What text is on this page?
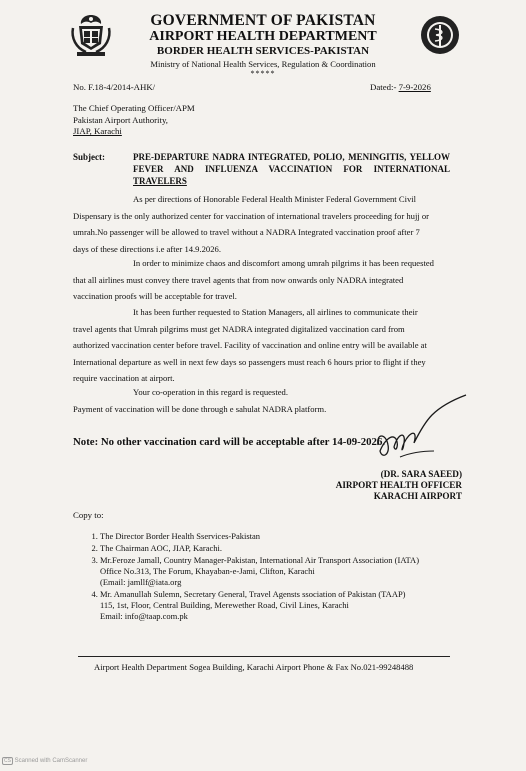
GOVERNMENT OF PAKISTAN
AIRPORT HEALTH DEPARTMENT
BORDER HEALTH SERVICES-PAKISTAN
Ministry of National Health Services, Regulation & Coordination
*****
No. F.18-4/2014-AHK/	Dated:- 7-9-2026
The Chief Operating Officer/APM
Pakistan Airport Authority,
JIAP, Karachi
Subject:	PRE-DEPARTURE NADRA INTEGRATED, POLIO, MENINGITIS, YELLOW
FEVER AND INFLUENZA VACCINATION FOR INTERNATIONAL
TRAVELERS
As per directions of Honorable Federal Health Minister Federal Government Civil
Dispensary is the only authorized center for vaccination of international travelers proceeding for hujj or
umrah.No passenger will be allowed to travel without a NADRA Integrated vaccination proof after 7
days of these directions i.e after 14.9.2026.
In order to minimize chaos and discomfort among umrah pilgrims it has been requested
that all airlines must convey there travel agents that from now onwards only NADRA integrated
vaccination proofs will be acceptable for travel.
It has been further requested to Station Managers, all airlines to communicate their
travel agents that Umrah pilgrims must get NADRA integrated digitalized vaccination card from
authorized vaccination center before travel. Facility of vaccination and online entry will be available at
International departure as well in next few days so passengers must reach 6 hours prior to flight if they
require vaccination at airport.
Your co-operation in this regard is requested.
Payment of vaccination will be done through e sahulat NADRA platform.
Note: No other vaccination card will be acceptable after 14-09-2026.
(DR. SARA SAEED)
AIRPORT HEALTH OFFICER
KARACHI AIRPORT
Copy to:
1. The Director Border Health Sservices-Pakistan
2. The Chairman AOC, JIAP, Karachi.
3. Mr.Feroze Jamall, Country Manager-Pakistan, International Air Transport Association (IATA)
Office No.313, The Forum, Khayaban-e-Jami, Clifton, Karachi
(Email: jamllf@iata.org
4. Mr. Amanullah Sulemn, Secretary General, Travel Agensts ssociation of Pakistan (TAAP)
115, 1st, Floor, Central Building, Merewether Road, Civil Lines, Karachi
Email: info@taap.com.pk
Airport Health Department Sogea Building, Karachi Airport Phone & Fax No.021-99248488
CS Scanned with CamScanner
